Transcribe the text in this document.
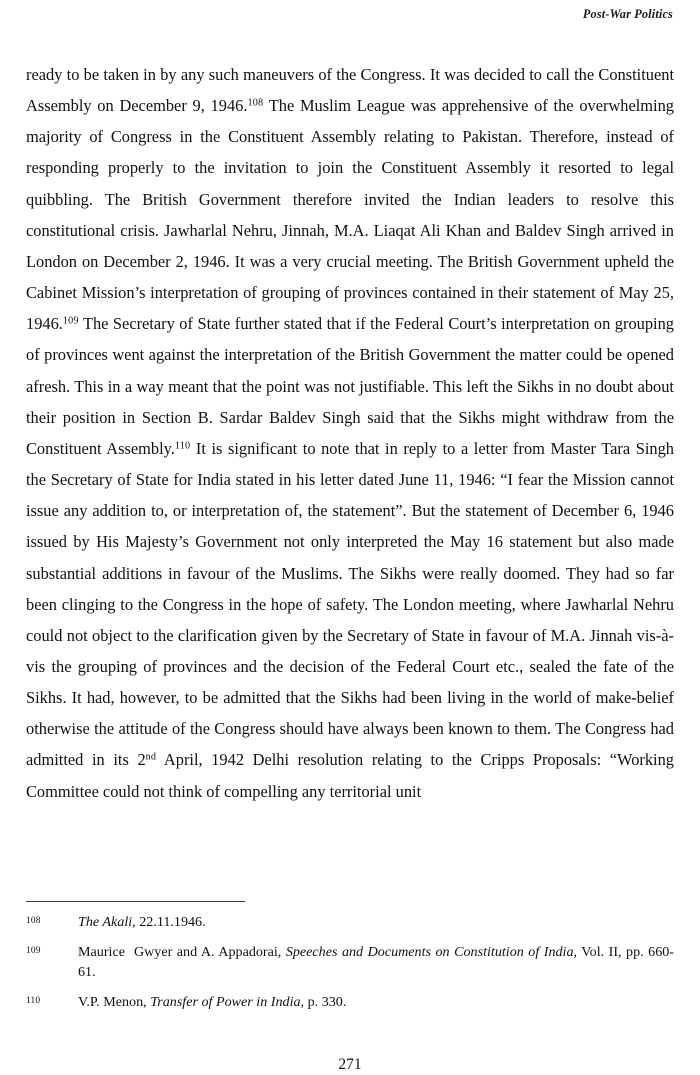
Post-War Politics

ready to be taken in by any such maneuvers of the Congress. It was decided to call the Constituent Assembly on December 9, 1946.$^{108}$ The Muslim League was apprehensive of the overwhelming majority of Congress in the Constituent Assembly relating to Pakistan. Therefore, instead of responding properly to the invitation to join the Constituent Assembly it resorted to legal quibbling. The British Government therefore invited the Indian leaders to resolve this constitutional crisis. Jawharlal Nehru, Jinnah, M.A. Liaqat Ali Khan and Baldev Singh arrived in London on December 2, 1946. It was a very crucial meeting. The British Government upheld the Cabinet Mission’s interpretation of grouping of provinces contained in their statement of May 25, 1946.$^{109}$ The Secretary of State further stated that if the Federal Court’s interpretation on grouping of provinces went against the interpretation of the British Government the matter could be opened afresh. This in a way meant that the point was not justifiable. This left the Sikhs in no doubt about their position in Section B. Sardar Baldev Singh said that the Sikhs might withdraw from the Constituent Assembly.$^{110}$ It is significant to note that in reply to a letter from Master Tara Singh the Secretary of State for India stated in his letter dated June 11, 1946: “I fear the Mission cannot issue any addition to, or interpretation of, the statement”. But the statement of December 6, 1946 issued by His Majesty’s Government not only interpreted the May 16 statement but also made substantial additions in favour of the Muslims. The Sikhs were really doomed. They had so far been clinging to the Congress in the hope of safety. The London meeting, where Jawharlal Nehru could not object to the clarification given by the Secretary of State in favour of M.A. Jinnah vis-à-vis the grouping of provinces and the decision of the Federal Court etc., sealed the fate of the Sikhs. It had, however, to be admitted that the Sikhs had been living in the world of make-belief otherwise the attitude of the Congress should have always been known to them. The Congress had admitted in its 2nd April, 1942 Delhi resolution relating to the Cripps Proposals: “Working Committee could not think of compelling any territorial unit

108	The Akali, 22.11.1946.
109	Maurice  Gwyer and A. Appadorai, Speeches and Documents on Constitution of India, Vol. II, pp. 660-61.
110	V.P. Menon, Transfer of Power in India, p. 330.
271
